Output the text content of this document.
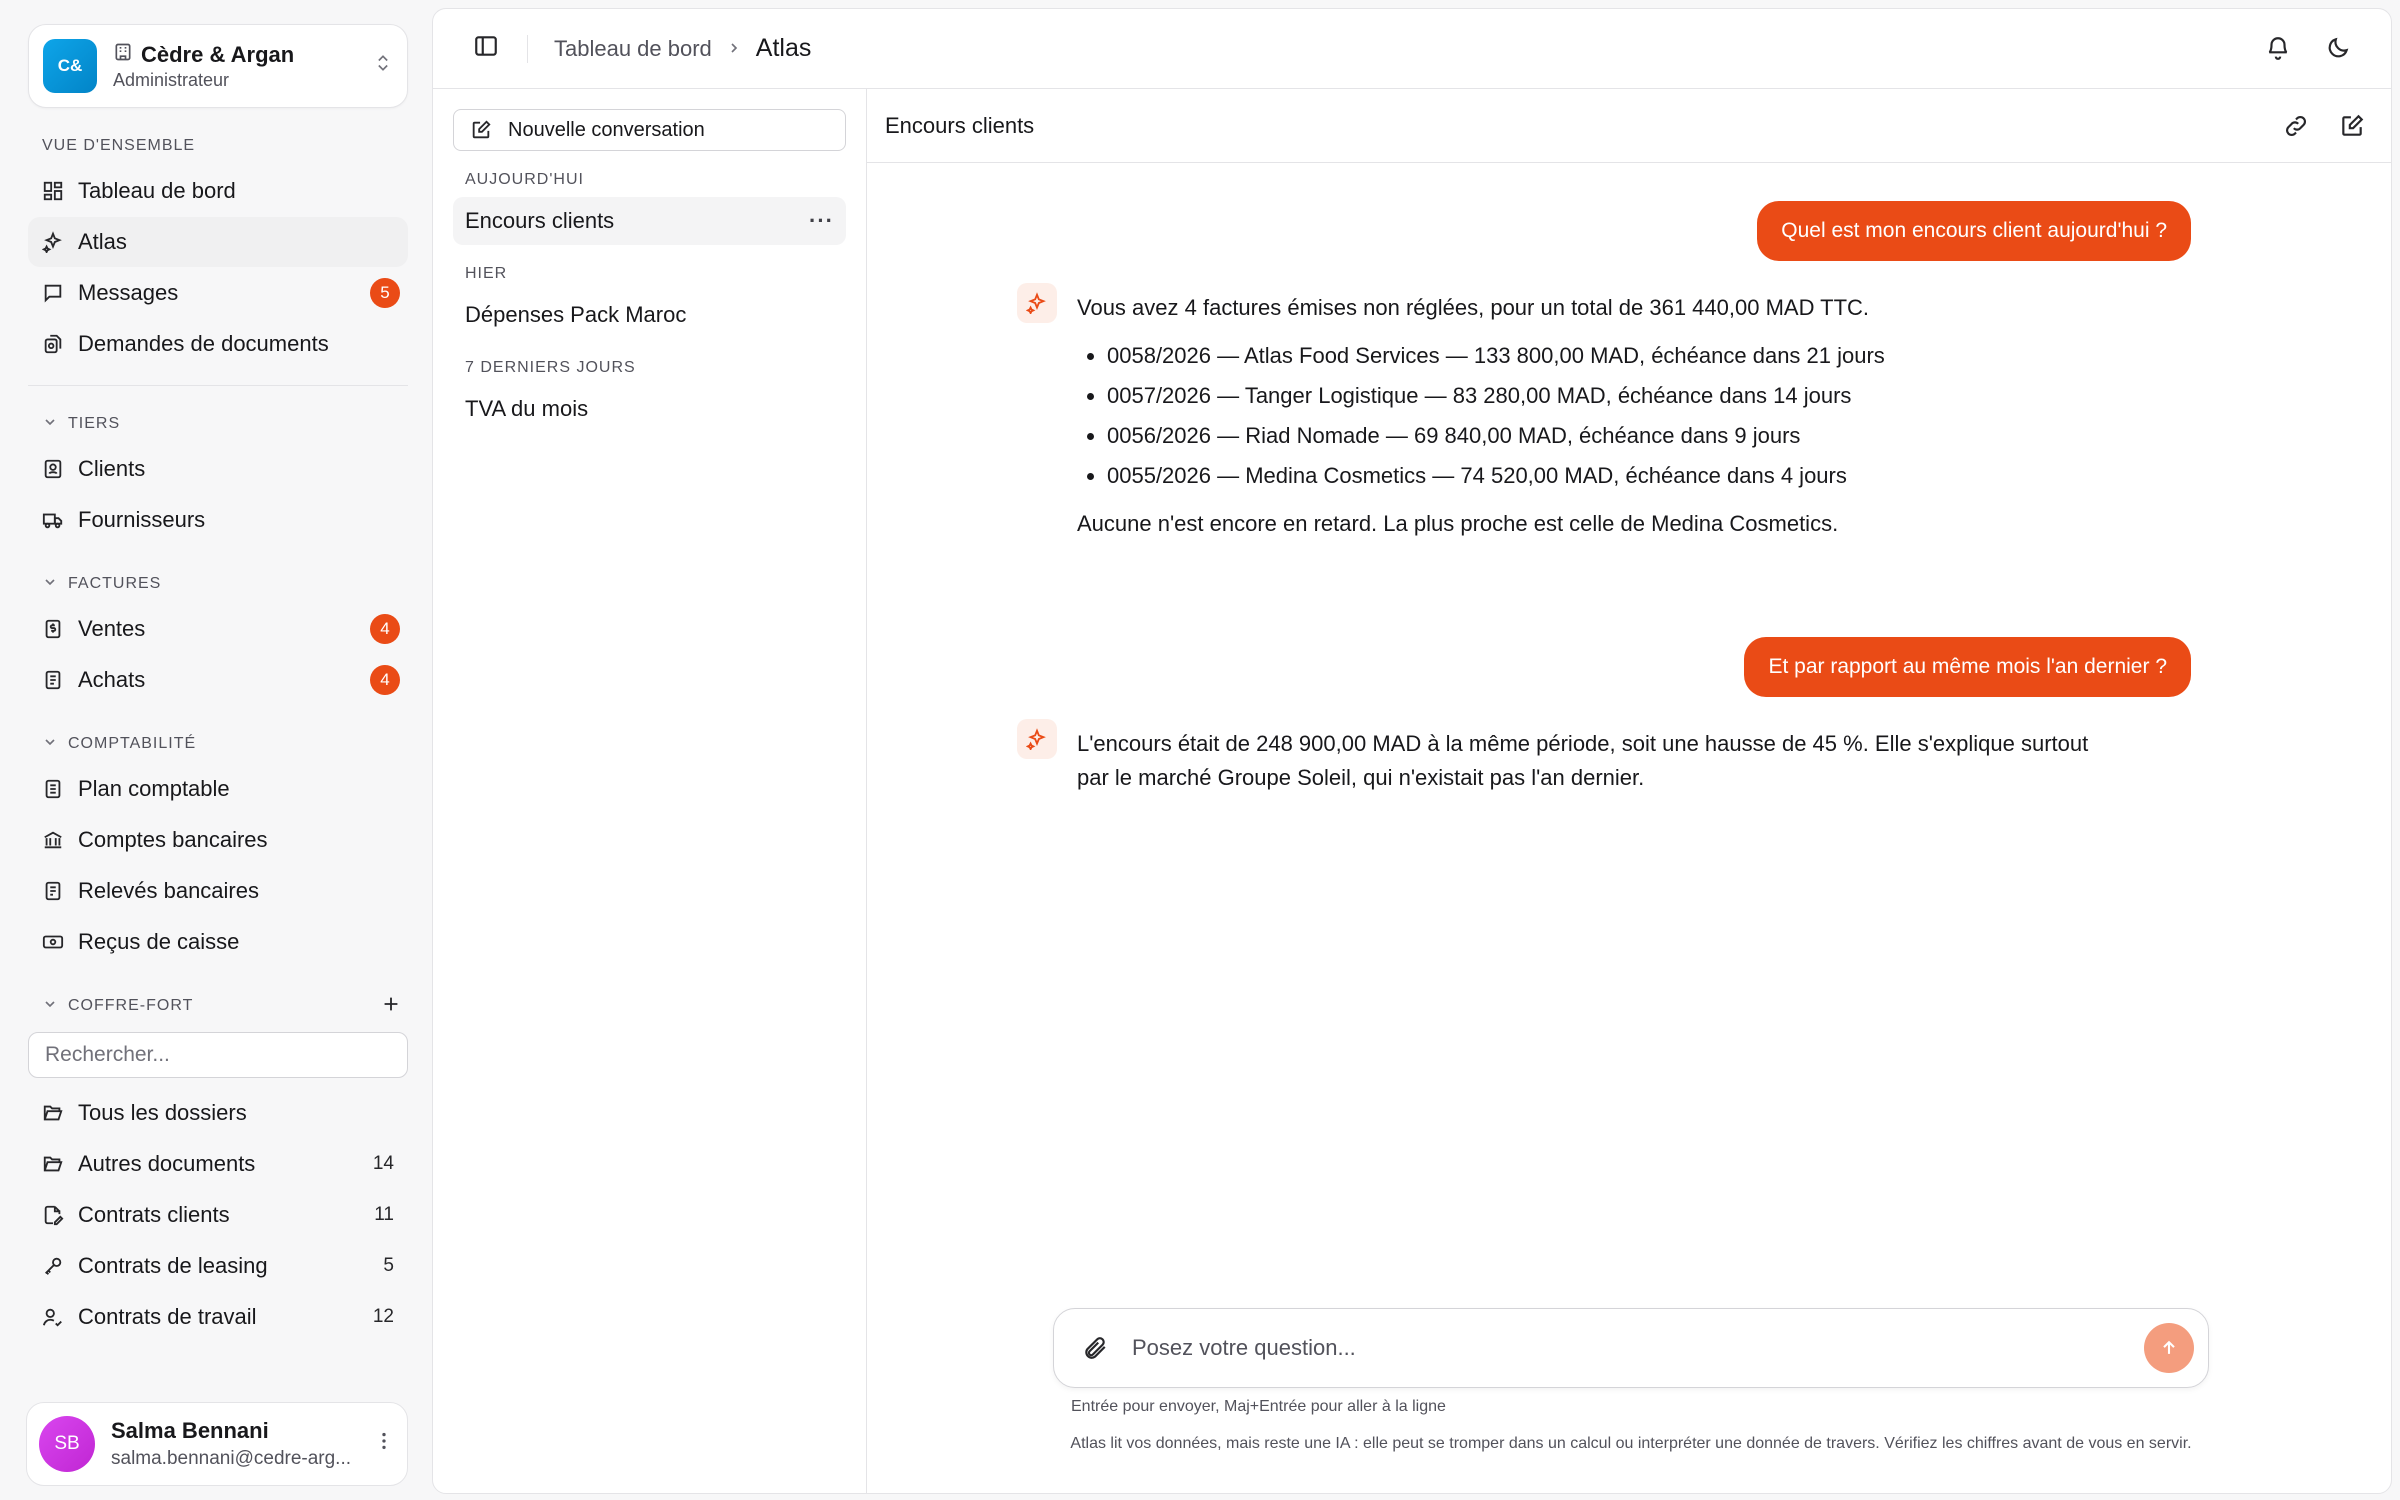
C&	Cèdre & Argan
Administrateur
VUE D'ENSEMBLE
Tableau de bord
Atlas
Messages	5
Demandes de documents
TIERS
Clients
Fournisseurs
FACTURES
Ventes	4
Achats	4
COMPTABILITÉ
Plan comptable
Comptes bancaires
Relevés bancaires
Reçus de caisse
COFFRE-FORT
Rechercher...
Tous les dossiers
Autres documents	14
Contrats clients	11
Contrats de leasing	5
Contrats de travail	12
SB
Salma Bennani
salma.bennani@cedre-arg...
Tableau de bord Atlas
Nouvelle conversation
AUJOURD'HUI
Encours clients	···
HIER
Dépenses Pack Maroc
7 DERNIERS JOURS
TVA du mois
Encours clients
Quel est mon encours client aujourd'hui ?

Vous avez 4 factures émises non réglées, pour un total de 361 440,00 MAD TTC.

• 0058/2026 — Atlas Food Services — 133 800,00 MAD, échéance dans 21 jours
• 0057/2026 — Tanger Logistique — 83 280,00 MAD, échéance dans 14 jours
• 0056/2026 — Riad Nomade — 69 840,00 MAD, échéance dans 9 jours
• 0055/2026 — Medina Cosmetics — 74 520,00 MAD, échéance dans 4 jours

Aucune n'est encore en retard. La plus proche est celle de Medina Cosmetics.

Et par rapport au même mois l'an dernier ?

L'encours était de 248 900,00 MAD à la même période, soit une hausse de 45 %. Elle s'explique surtout par le marché Groupe Soleil, qui n'existait pas l'an dernier.

Posez votre question...
Entrée pour envoyer, Maj+Entrée pour aller à la ligne
Atlas lit vos données, mais reste une IA : elle peut se tromper dans un calcul ou interpréter une donnée de travers. Vérifiez les chiffres avant de vous en servir.
